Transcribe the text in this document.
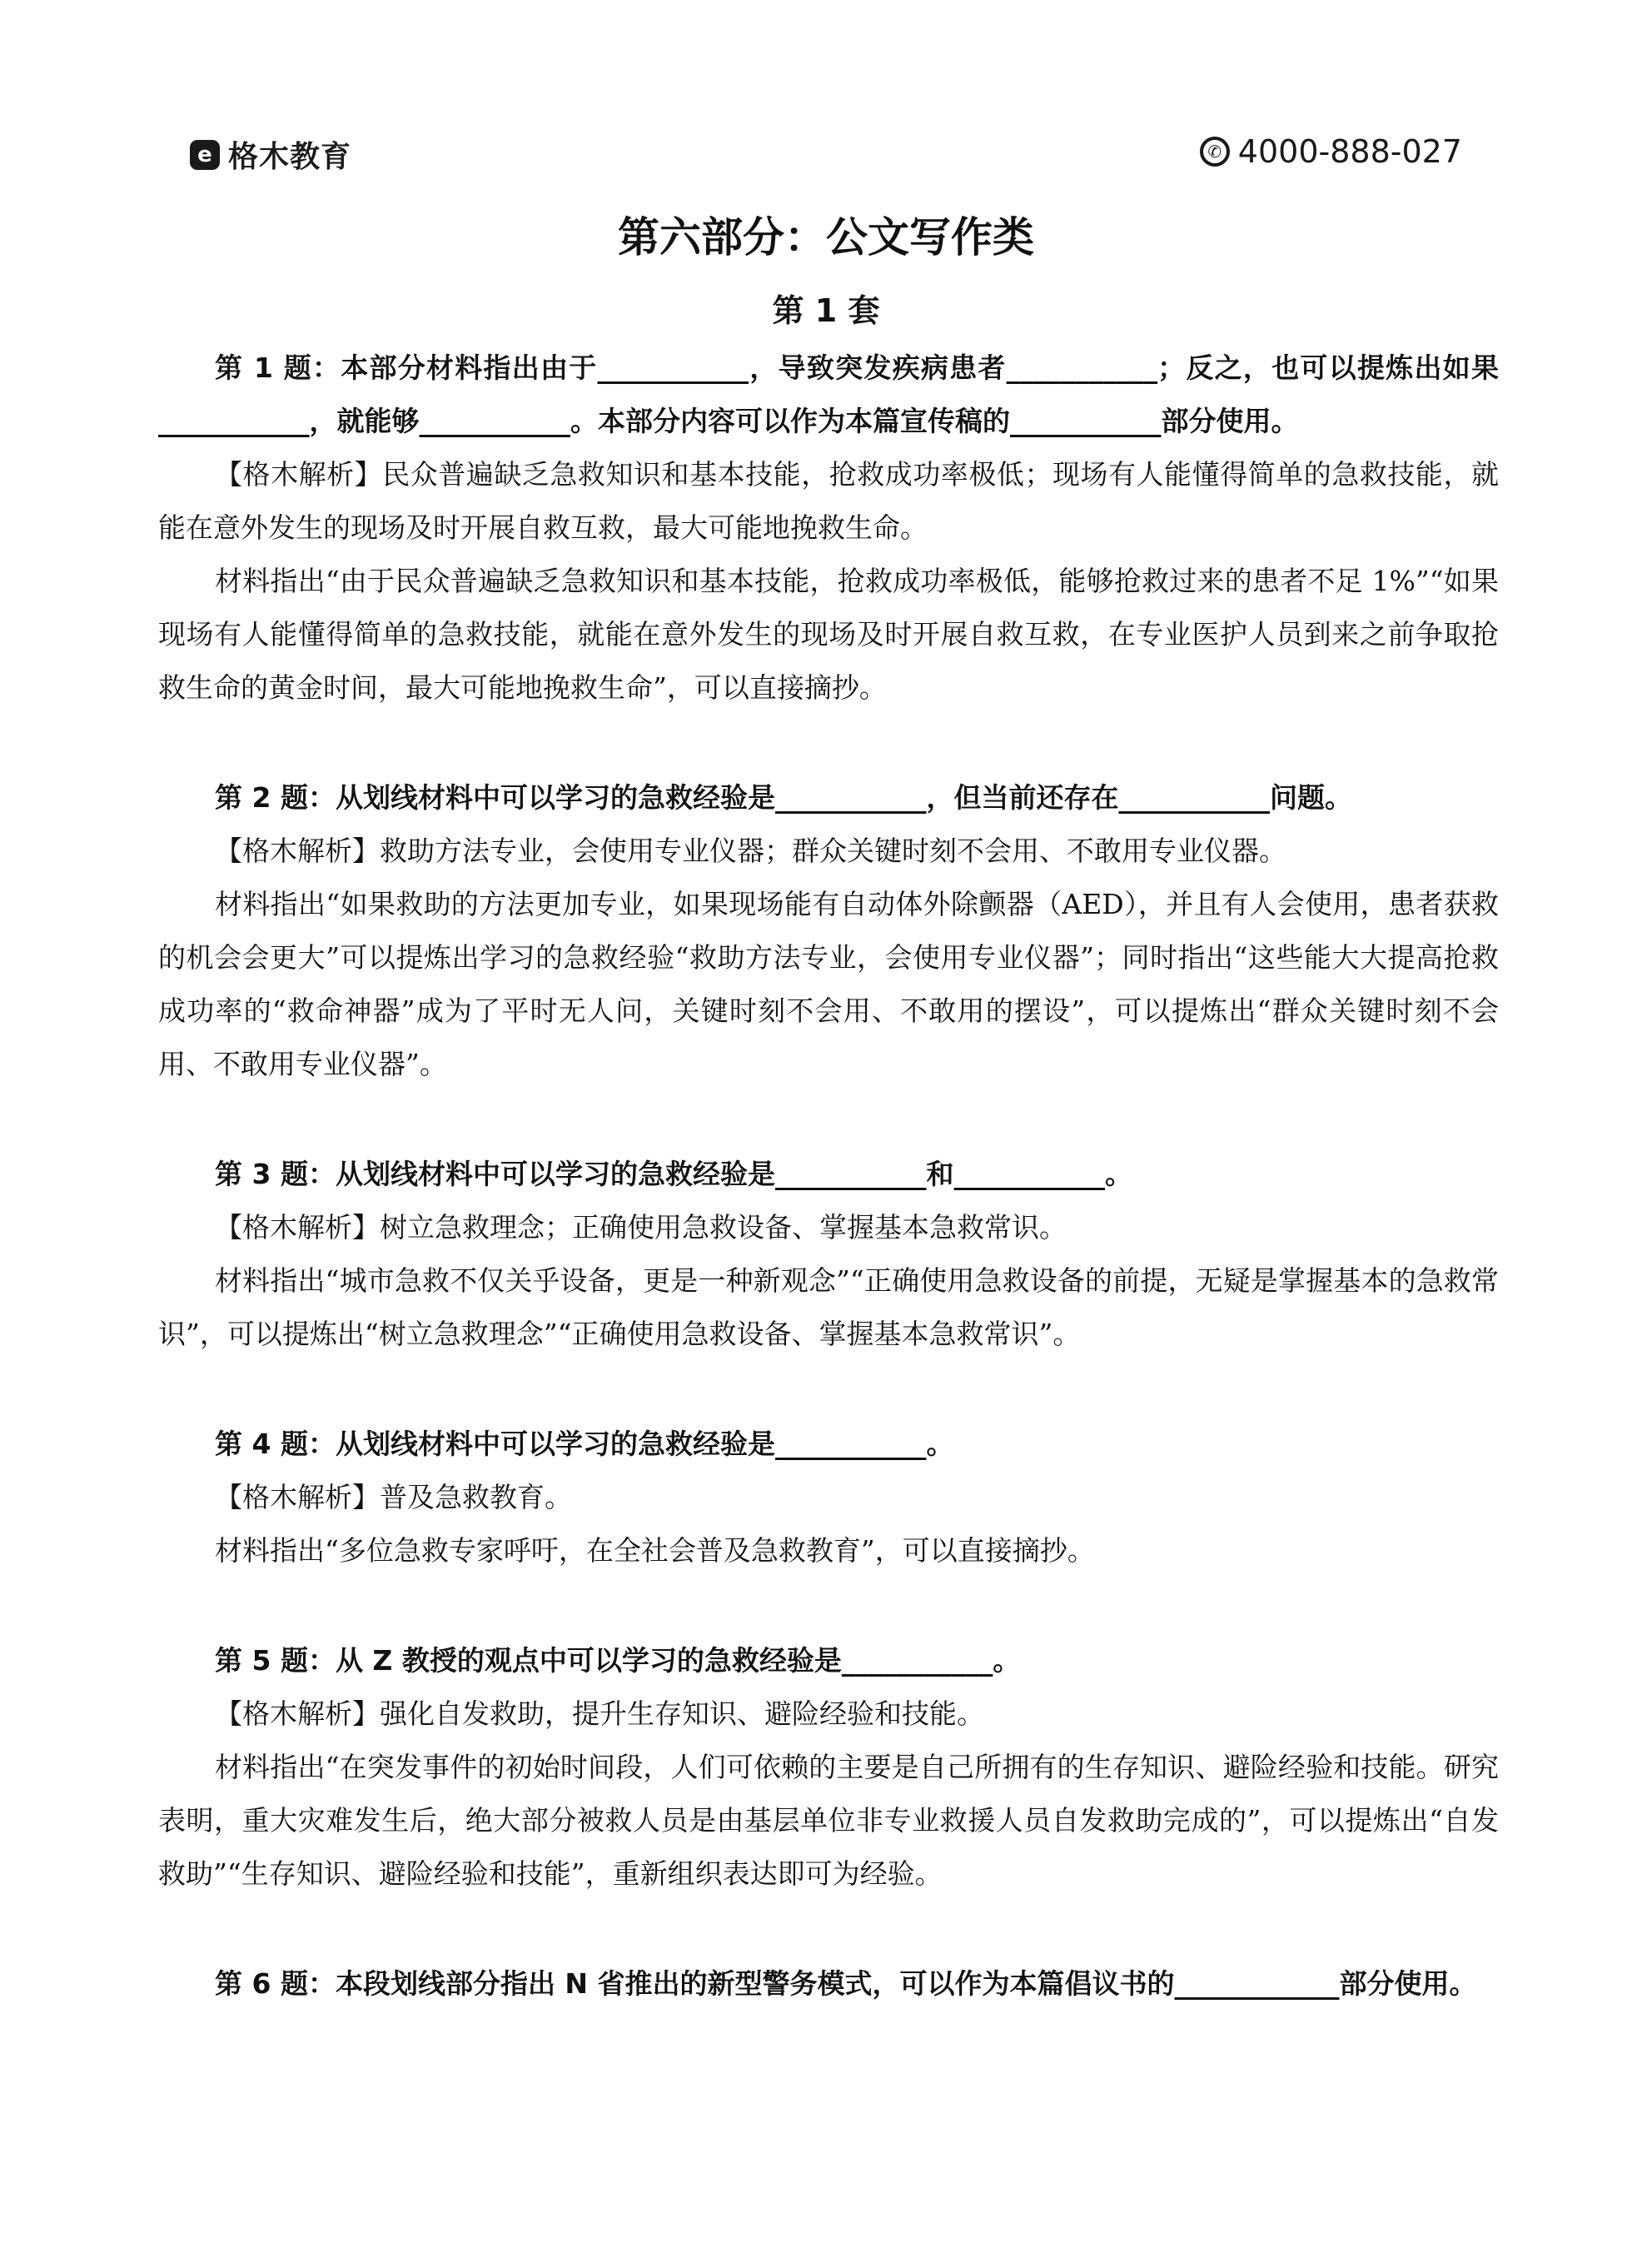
e 格木教育	✆ 4000-888-027
第六部分：公文写作类
第 1 套

第 1 题：本部分材料指出由于___________，导致突发疾病患者___________；反之，也可以提炼出如果___________，就能够___________。本部分内容可以作为本篇宣传稿的___________部分使用。

【格木解析】民众普遍缺乏急救知识和基本技能，抢救成功率极低；现场有人能懂得简单的急救技能，就能在意外发生的现场及时开展自救互救，最大可能地挽救生命。

材料指出“由于民众普遍缺乏急救知识和基本技能，抢救成功率极低，能够抢救过来的患者不足 1%”“如果现场有人能懂得简单的急救技能，就能在意外发生的现场及时开展自救互救，在专业医护人员到来之前争取抢救生命的黄金时间，最大可能地挽救生命”，可以直接摘抄。

第 2 题：从划线材料中可以学习的急救经验是___________，但当前还存在___________问题。

【格木解析】救助方法专业，会使用专业仪器；群众关键时刻不会用、不敢用专业仪器。

材料指出“如果救助的方法更加专业，如果现场能有自动体外除颤器（AED），并且有人会使用，患者获救的机会会更大”可以提炼出学习的急救经验“救助方法专业，会使用专业仪器”；同时指出“这些能大大提高抢救成功率的“救命神器”成为了平时无人问，关键时刻不会用、不敢用的摆设”，可以提炼出“群众关键时刻不会用、不敢用专业仪器”。

第 3 题：从划线材料中可以学习的急救经验是___________和___________。

【格木解析】树立急救理念；正确使用急救设备、掌握基本急救常识。

材料指出“城市急救不仅关乎设备，更是一种新观念”“正确使用急救设备的前提，无疑是掌握基本的急救常识”，可以提炼出“树立急救理念”“正确使用急救设备、掌握基本急救常识”。

第 4 题：从划线材料中可以学习的急救经验是___________。

【格木解析】普及急救教育。

材料指出“多位急救专家呼吁，在全社会普及急救教育”，可以直接摘抄。

第 5 题：从 Z 教授的观点中可以学习的急救经验是___________。

【格木解析】强化自发救助，提升生存知识、避险经验和技能。

材料指出“在突发事件的初始时间段，人们可依赖的主要是自己所拥有的生存知识、避险经验和技能。研究表明，重大灾难发生后，绝大部分被救人员是由基层单位非专业救援人员自发救助完成的”，可以提炼出“自发救助”“生存知识、避险经验和技能”，重新组织表达即可为经验。

第 6 题：本段划线部分指出 N 省推出的新型警务模式，可以作为本篇倡议书的____________部分使用。
